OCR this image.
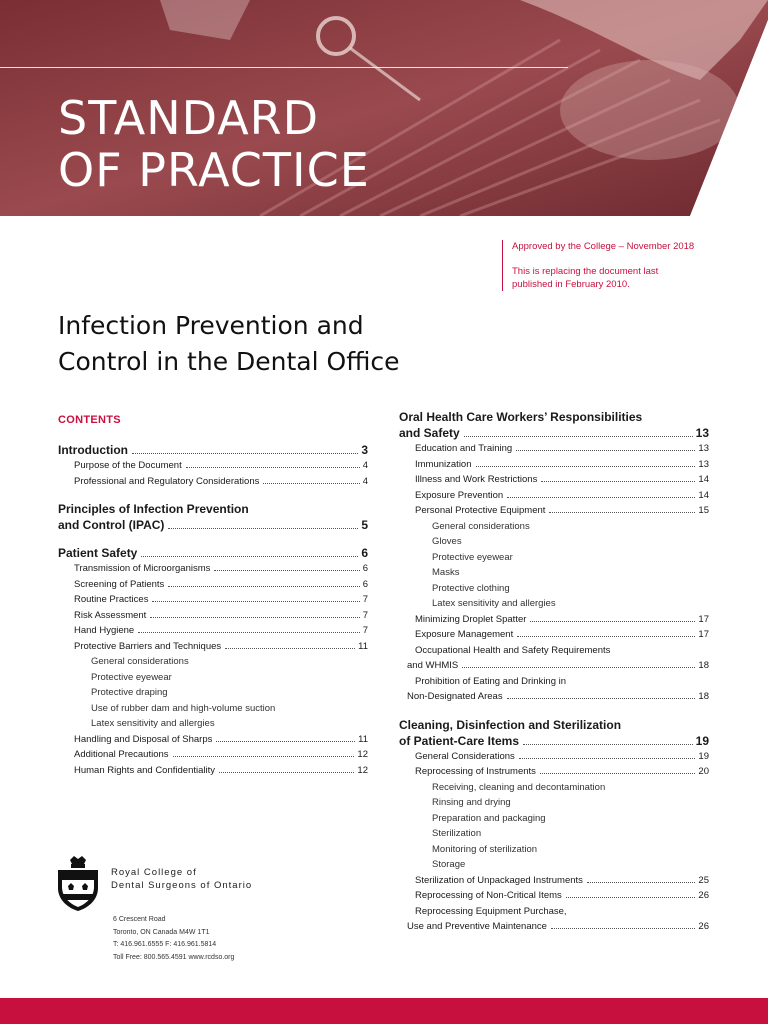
STANDARD
OF PRACTICE

Approved by the College – November 2018

This is replacing the document last published in February 2010.

Infection Prevention and
Control in the Dental Office
CONTENTS
Introduction	3
Purpose of the Document	4
Professional and Regulatory Considerations	4
Principles of Infection Prevention
and Control (IPAC)	5
Patient Safety	6
Transmission of Microorganisms	6
Screening of Patients	6
Routine Practices	7
Risk Assessment	7
Hand Hygiene	7
Protective Barriers and Techniques	11
General considerations
Protective eyewear
Protective draping
Use of rubber dam and high-volume suction
Latex sensitivity and allergies
Handling and Disposal of Sharps	11
Additional Precautions	12
Human Rights and Confidentiality	12
Oral Health Care Workers’ Responsibilities
and Safety	13
Education and Training	13
Immunization	13
Illness and Work Restrictions	14
Exposure Prevention	14
Personal Protective Equipment	15
General considerations
Gloves
Protective eyewear
Masks
Protective clothing
Latex sensitivity and allergies
Minimizing Droplet Spatter	17
Exposure Management	17
Occupational Health and Safety Requirements
and WHMIS	18
Prohibition of Eating and Drinking in
Non-Designated Areas	18
Cleaning, Disinfection and Sterilization
of Patient-Care Items	19
General Considerations	19
Reprocessing of Instruments	20
Receiving, cleaning and decontamination
Rinsing and drying
Preparation and packaging
Sterilization
Monitoring of sterilization
Storage
Sterilization of Unpackaged Instruments	25
Reprocessing of Non-Critical Items	26
Reprocessing Equipment Purchase,
Use and Preventive Maintenance	26
Royal College of
Dental Surgeons of Ontario
6 Crescent Road
Toronto, ON Canada M4W 1T1
T: 416.961.6555 F: 416.961.5814
Toll Free: 800.565.4591 www.rcdso.org
